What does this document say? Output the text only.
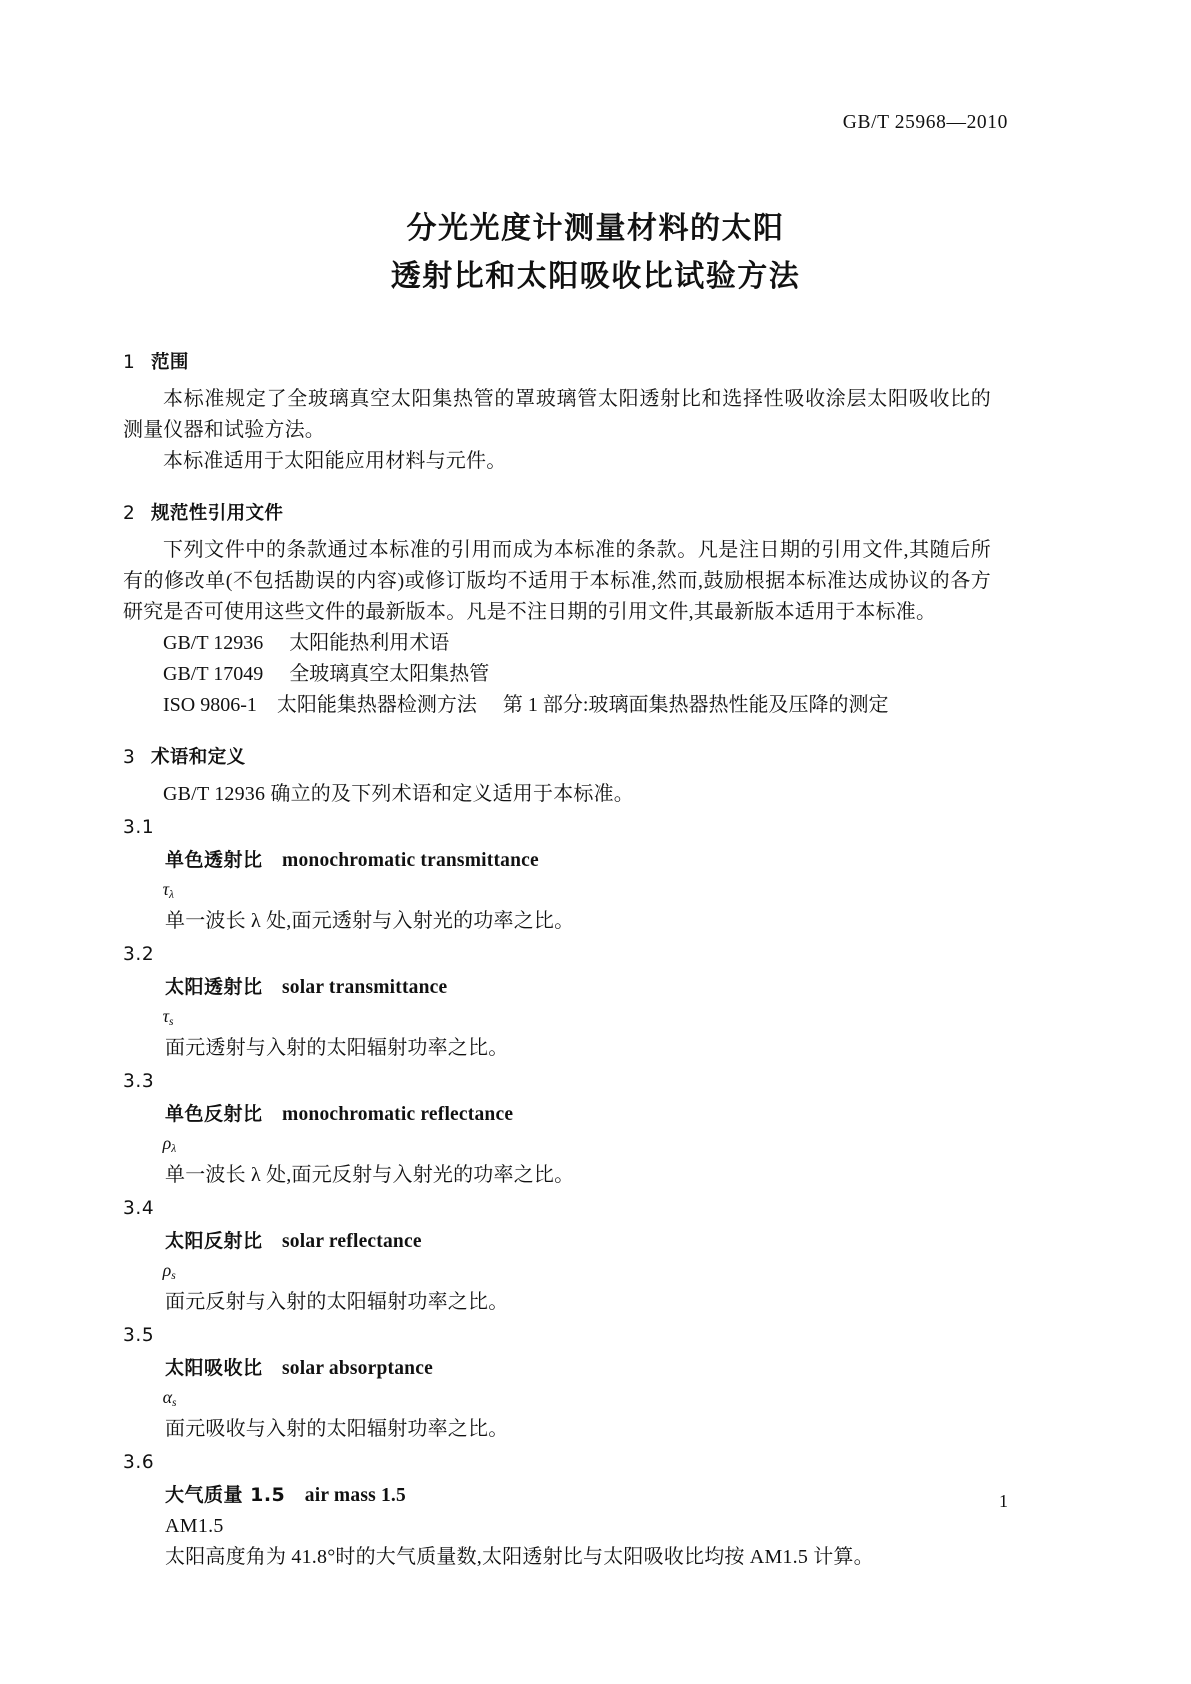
GB/T 25968—2010
分光光度计测量材料的太阳
透射比和太阳吸收比试验方法
1 范围

本标准规定了全玻璃真空太阳集热管的罩玻璃管太阳透射比和选择性吸收涂层太阳吸收比的测量仪器和试验方法。

本标准适用于太阳能应用材料与元件。

2 规范性引用文件

下列文件中的条款通过本标准的引用而成为本标准的条款。凡是注日期的引用文件,其随后所有的修改单(不包括勘误的内容)或修订版均不适用于本标准,然而,鼓励根据本标准达成协议的各方研究是否可使用这些文件的最新版本。凡是不注日期的引用文件,其最新版本适用于本标准。

GB/T 12936 太阳能热利用术语
GB/T 17049 全玻璃真空太阳集热管
ISO 9806-1 太阳能集热器检测方法 第 1 部分:玻璃面集热器热性能及压降的测定
3 术语和定义

GB/T 12936 确立的及下列术语和定义适用于本标准。

3.1
单色透射比 monochromatic transmittance
$\tau_\lambda$
单一波长 λ 处,面元透射与入射光的功率之比。
3.2
太阳透射比 solar transmittance
$\tau_s$
面元透射与入射的太阳辐射功率之比。
3.3
单色反射比 monochromatic reflectance
$\rho_\lambda$
单一波长 λ 处,面元反射与入射光的功率之比。
3.4
太阳反射比 solar reflectance
$\rho_s$
面元反射与入射的太阳辐射功率之比。
3.5
太阳吸收比 solar absorptance
$\alpha_s$
面元吸收与入射的太阳辐射功率之比。
3.6
大气质量 1.5 air mass 1.5
AM1.5
太阳高度角为 41.8°时的大气质量数,太阳透射比与太阳吸收比均按 AM1.5 计算。
1
